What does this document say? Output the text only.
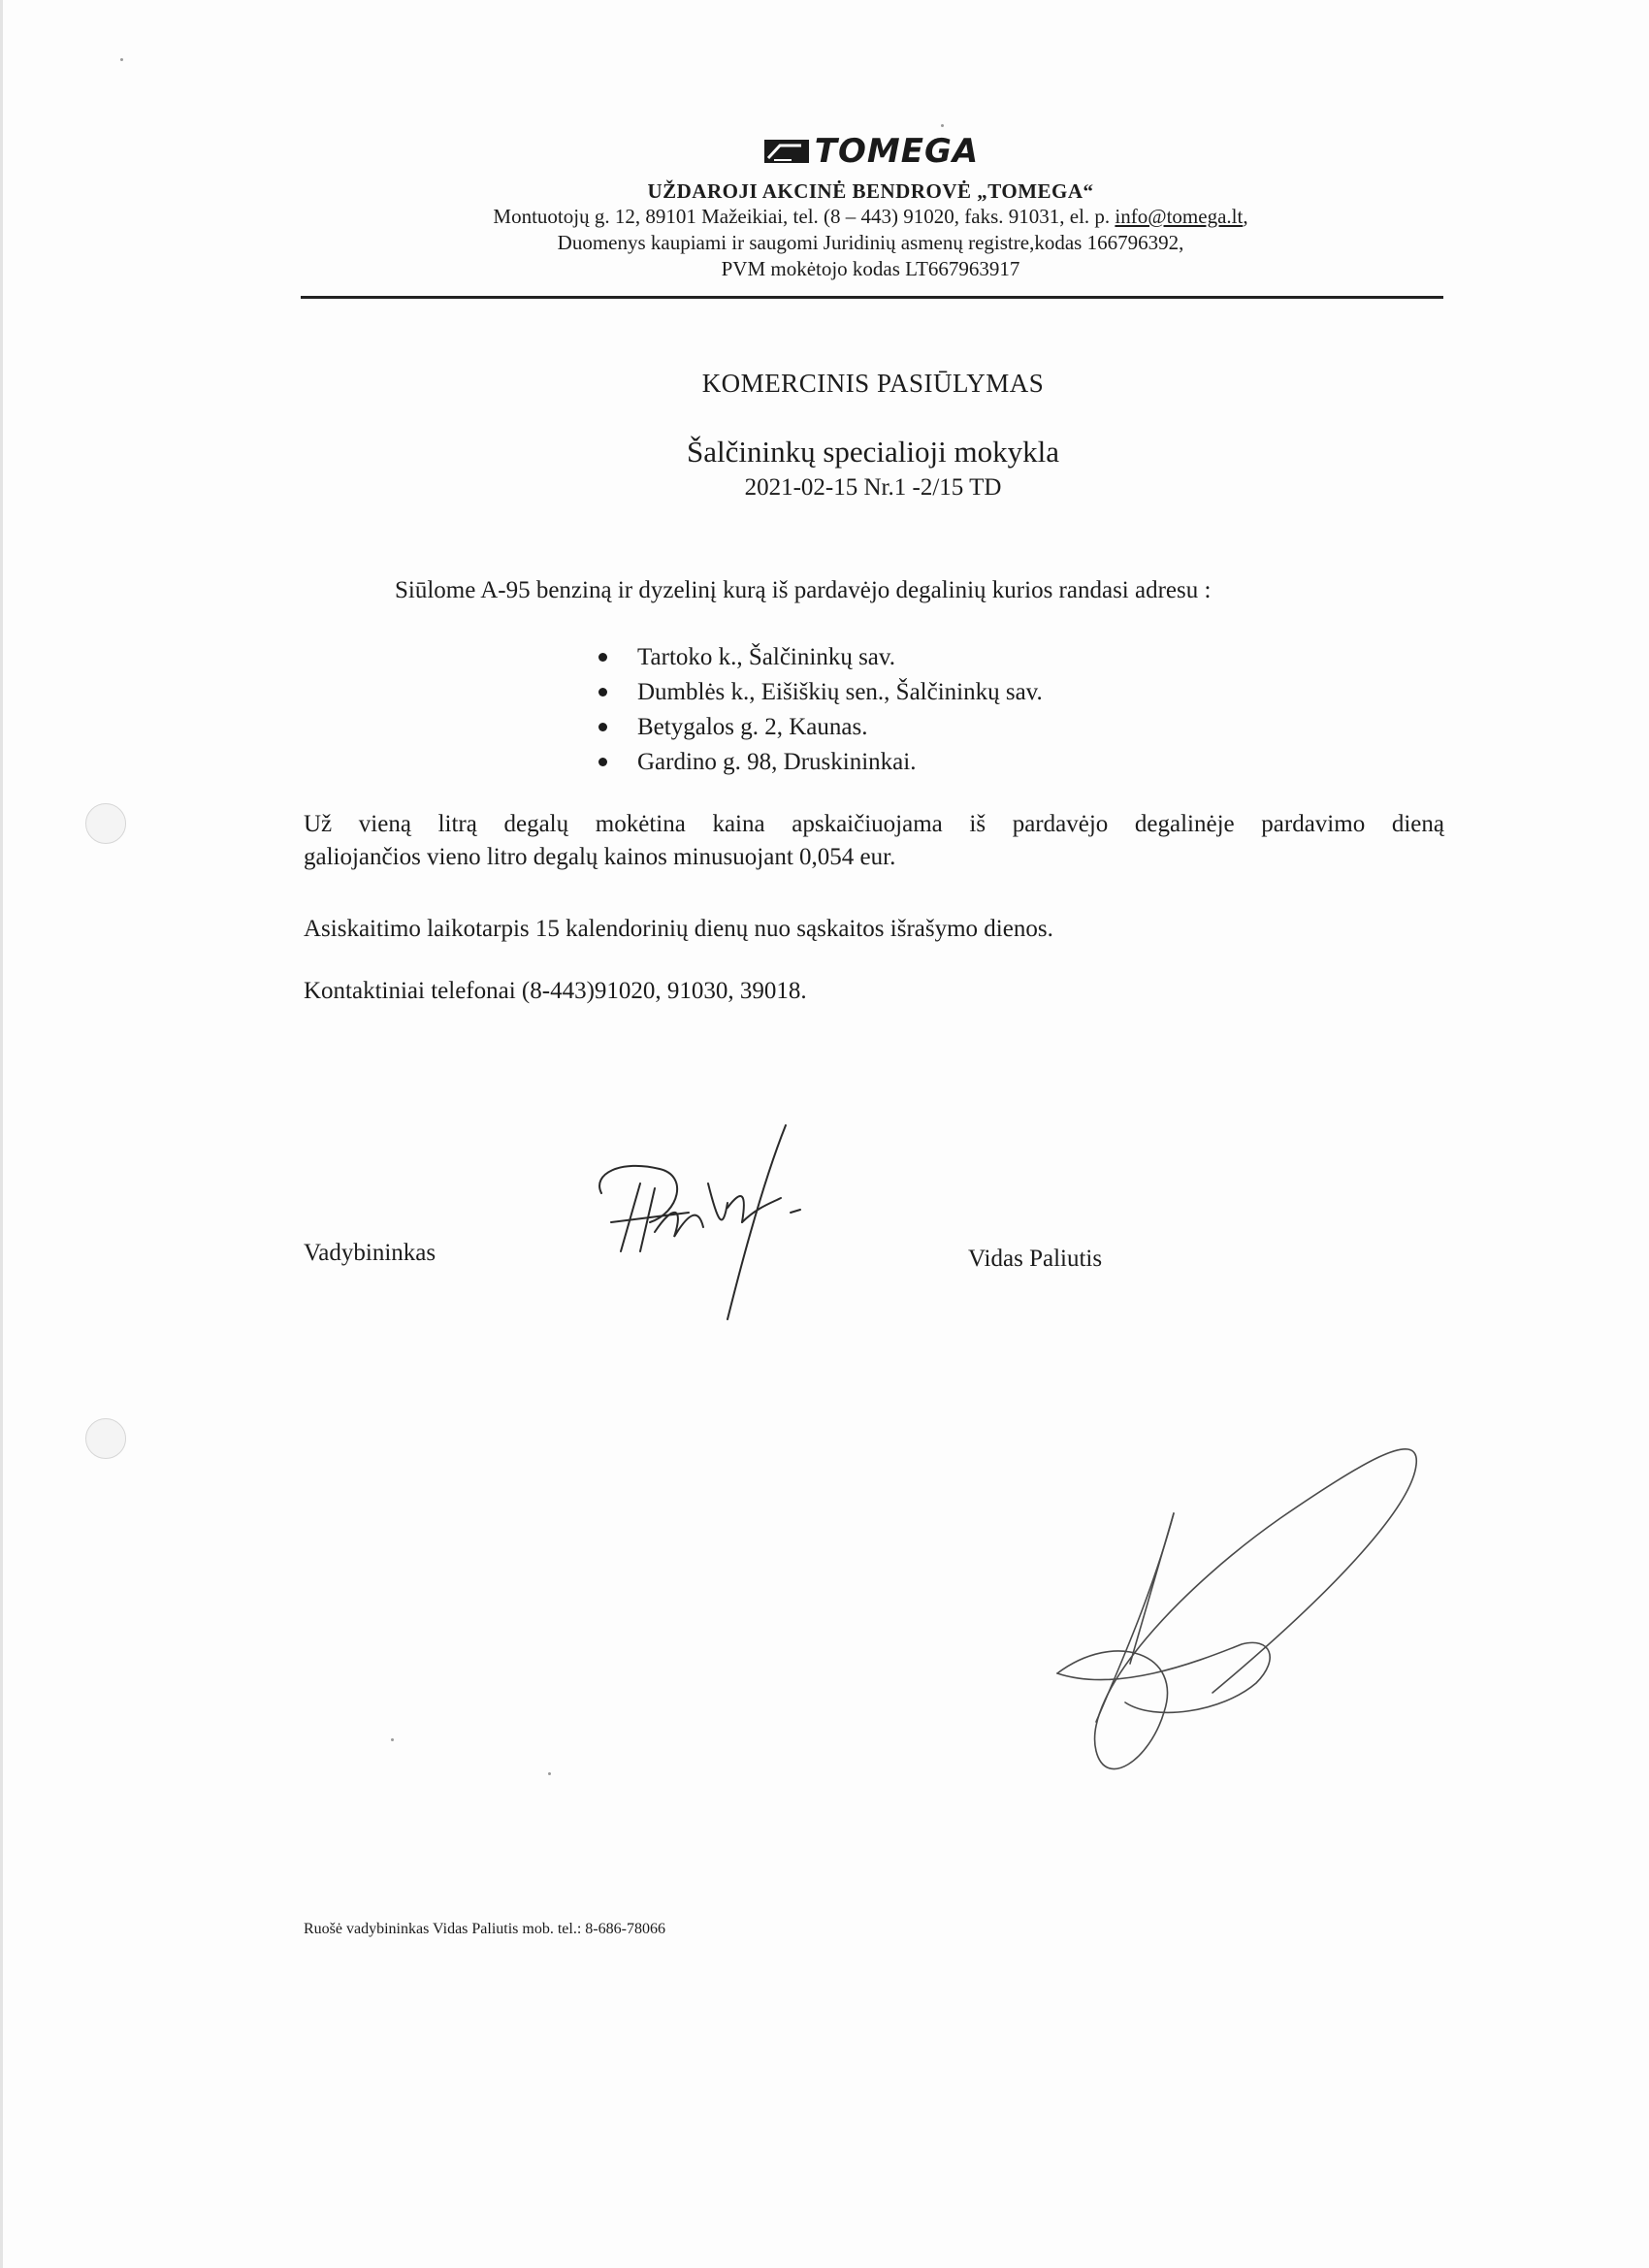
TOMEGA
UŽDAROJI AKCINĖ BENDROVĖ „TOMEGA“
Montuotojų g. 12, 89101 Mažeikiai, tel. (8 – 443) 91020, faks. 91031, el. p. info@tomega.lt,
Duomenys kaupiami ir saugomi Juridinių asmenų registre,kodas 166796392,
PVM mokėtojo kodas LT667963917
KOMERCINIS PASIŪLYMAS
Šalčininkų specialioji mokykla
2021-02-15 Nr.1 -2/15 TD
Siūlome A-95 benziną ir dyzelinį kurą iš pardavėjo degalinių kurios randasi adresu :
Tartoko k., Šalčininkų sav.
Dumblės k., Eišiškių sen., Šalčininkų sav.
Betygalos g. 2, Kaunas.
Gardino g. 98, Druskininkai.
Už vieną litrą degalų mokėtina kaina apskaičiuojama iš pardavėjo degalinėje pardavimo dieną
galiojančios vieno litro degalų kainos minusuojant 0,054 eur.
Asiskaitimo laikotarpis 15 kalendorinių dienų nuo sąskaitos išrašymo dienos.
Kontaktiniai telefonai (8-443)91020, 91030, 39018.
Vadybininkas	Vidas Paliutis
Ruošė vadybininkas Vidas Paliutis mob. tel.: 8-686-78066
